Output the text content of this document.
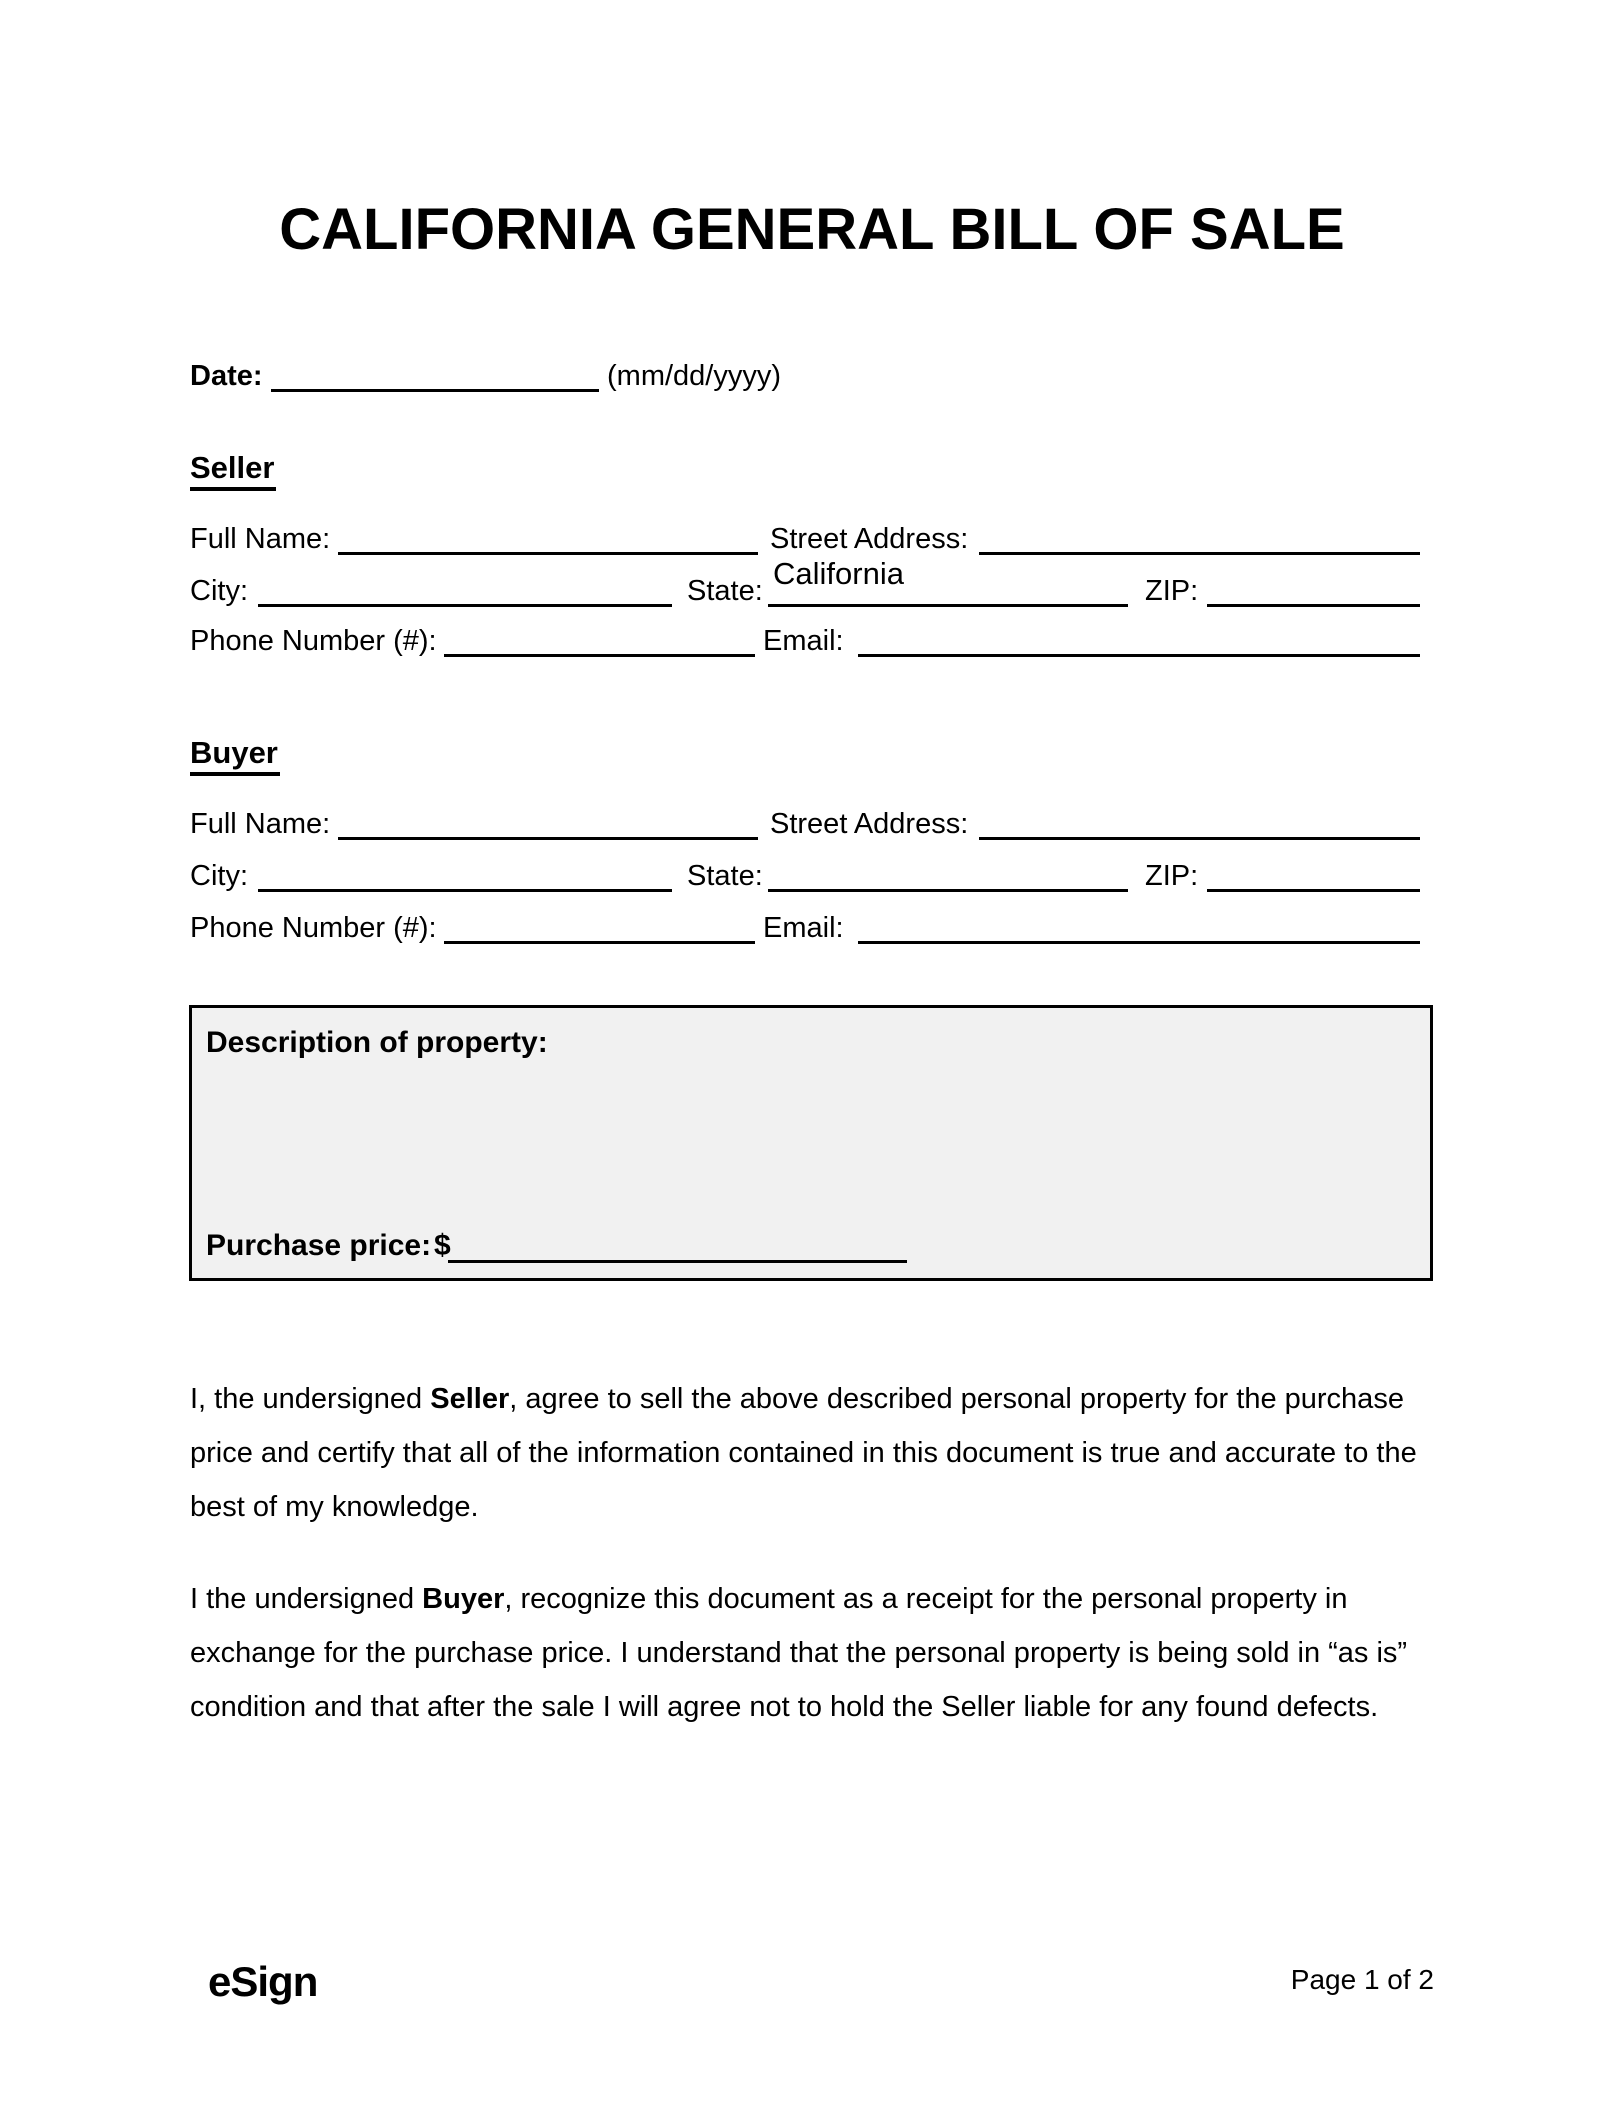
CALIFORNIA GENERAL BILL OF SALE
Date:	(mm/dd/yyyy)
Seller
Full Name:	Street Address:
City:	State: California	ZIP:
Phone Number (#):	Email:
Buyer
Full Name:	Street Address:
City:	State:	ZIP:
Phone Number (#):	Email:
Description of property:
Purchase price: $

I, the undersigned Seller, agree to sell the above described personal property for the purchase price and certify that all of the information contained in this document is true and accurate to the best of my knowledge.

I the undersigned Buyer, recognize this document as a receipt for the personal property in exchange for the purchase price. I understand that the personal property is being sold in “as is” condition and that after the sale I will agree not to hold the Seller liable for any found defects.

eSign	Page 1 of 2
